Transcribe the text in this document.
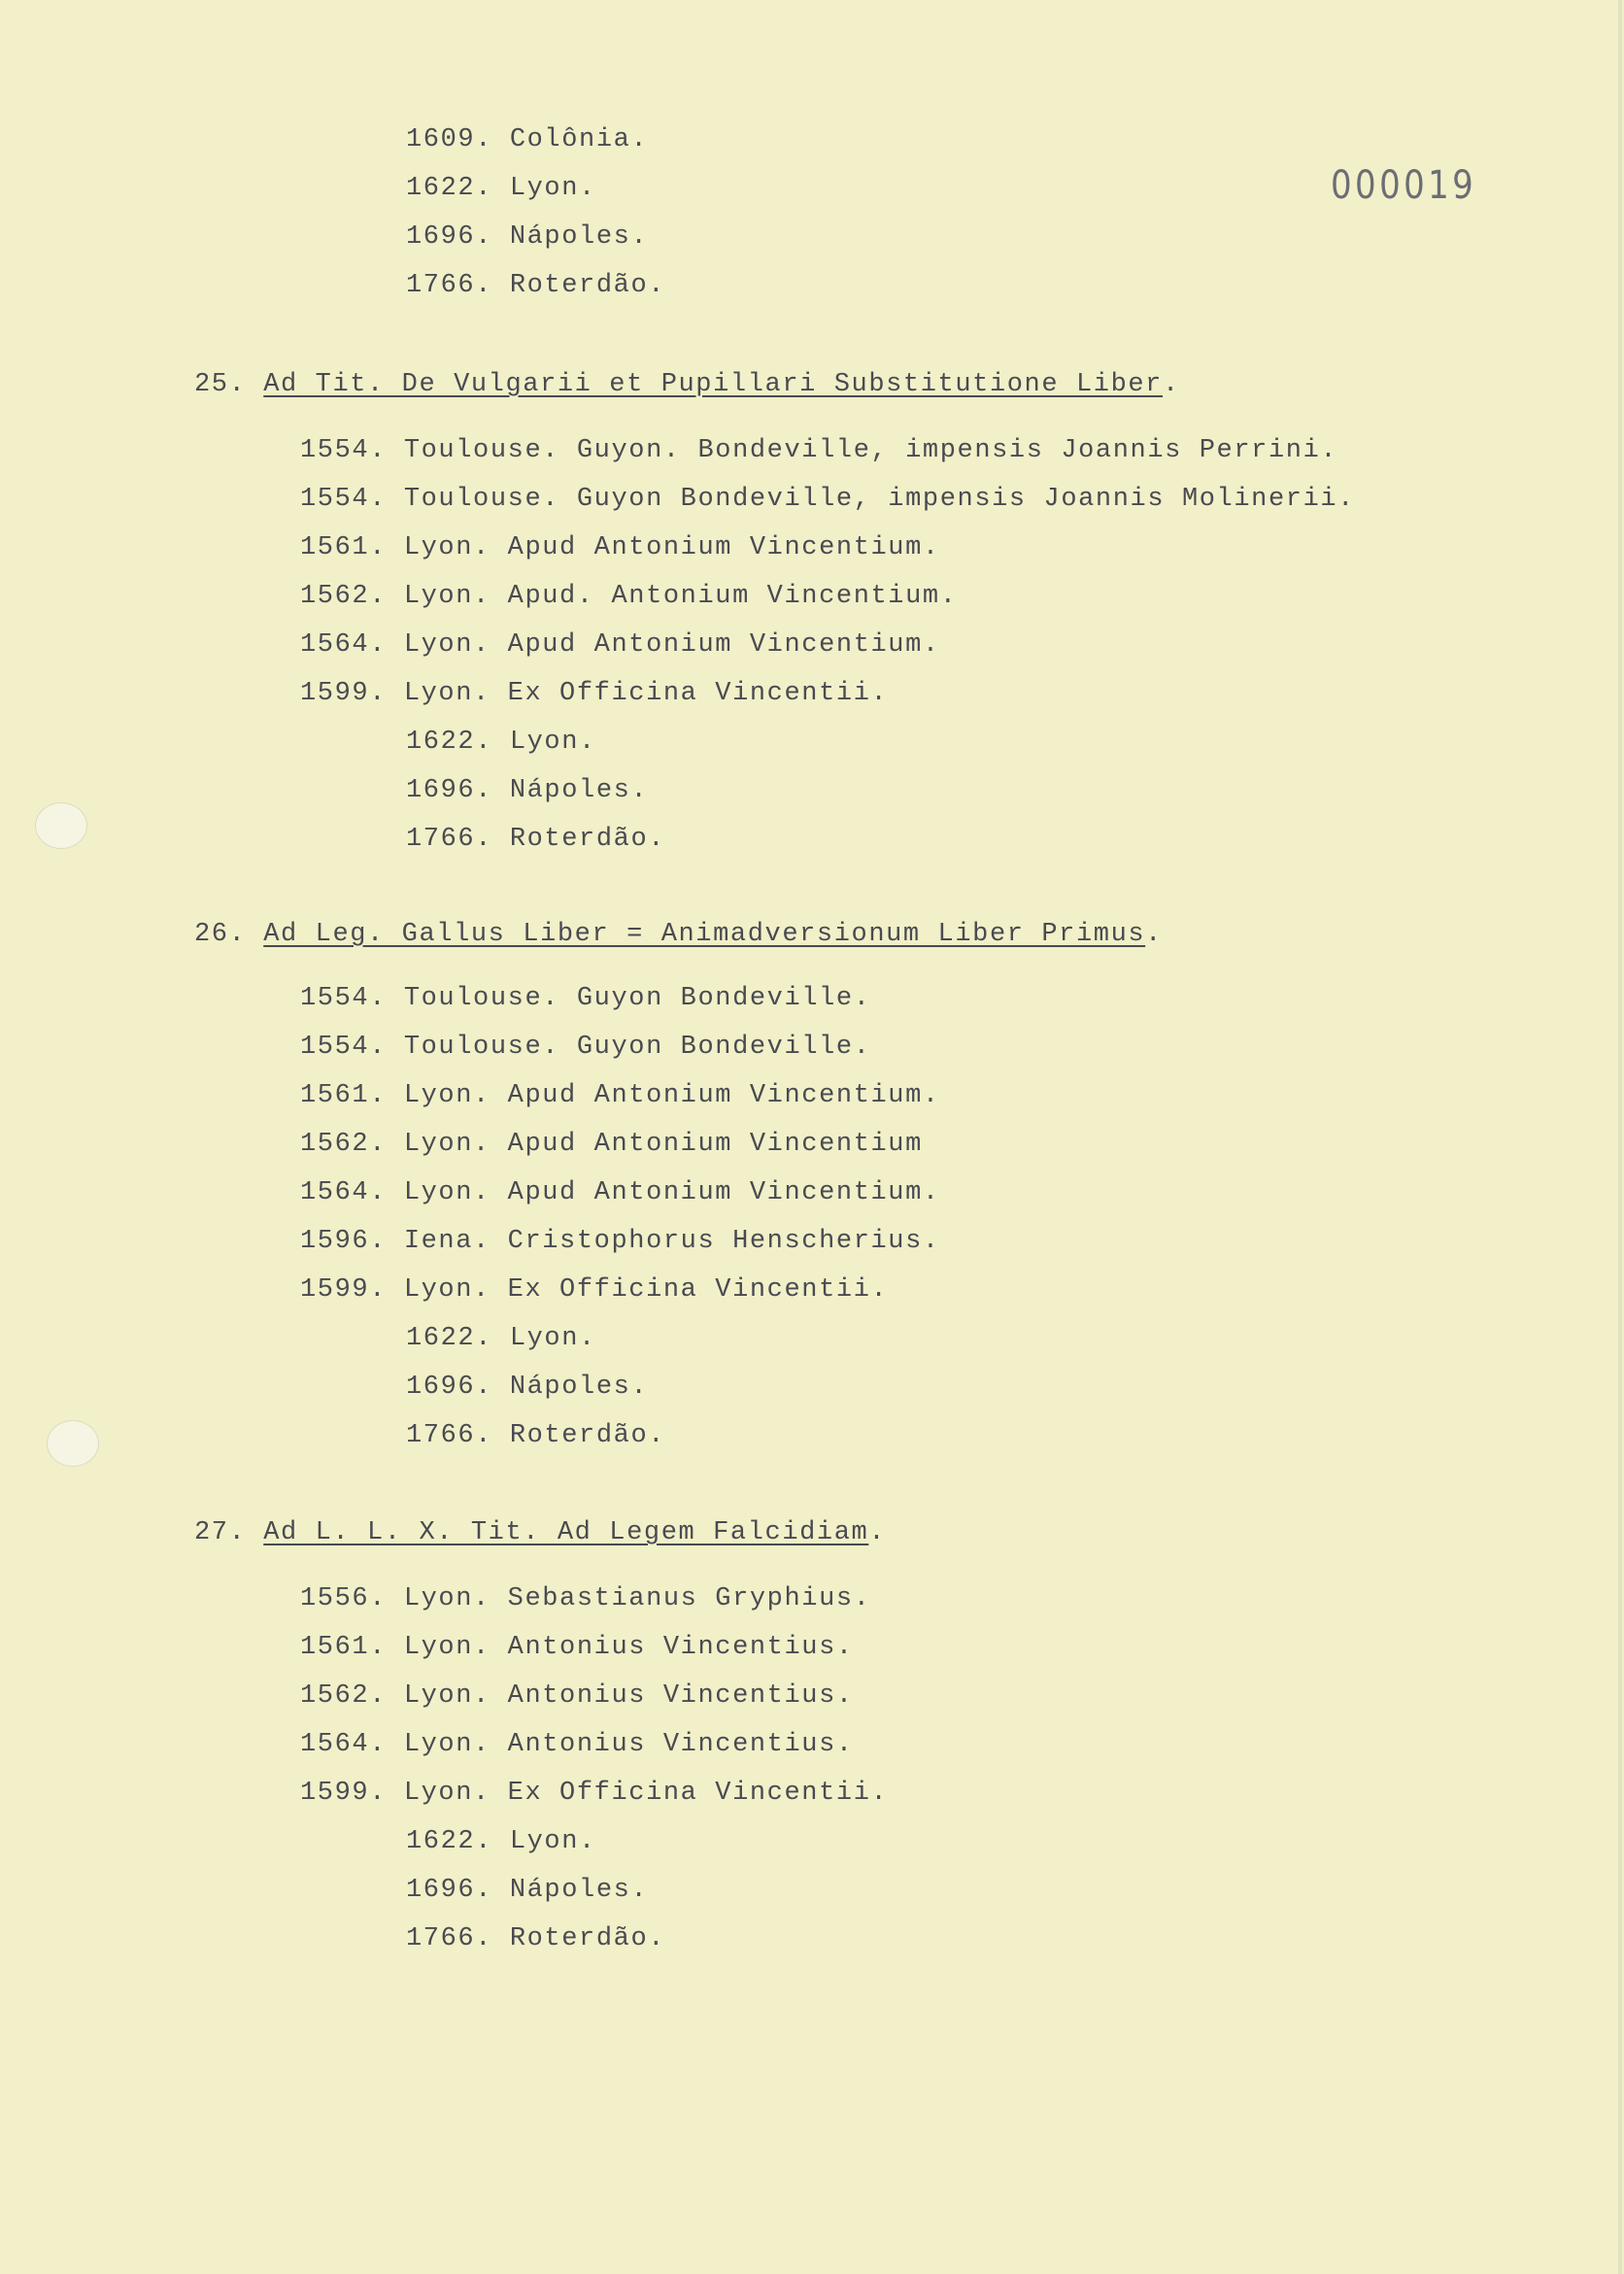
000019
1609. Colônia.
1622. Lyon.
1696. Nápoles.
1766. Roterdão.
25. Ad Tit. De Vulgarii et Pupillari Substitutione Liber.
1554. Toulouse. Guyon. Bondeville, impensis Joannis Perrini.
1554. Toulouse. Guyon Bondeville, impensis Joannis Molinerii.
1561. Lyon. Apud Antonium Vincentium.
1562. Lyon. Apud. Antonium Vincentium.
1564. Lyon. Apud Antonium Vincentium.
1599. Lyon. Ex Officina Vincentii.
1622. Lyon.
1696. Nápoles.
1766. Roterdão.
26. Ad Leg. Gallus Liber = Animadversionum Liber Primus.
1554. Toulouse. Guyon Bondeville.
1554. Toulouse. Guyon Bondeville.
1561. Lyon. Apud Antonium Vincentium.
1562. Lyon. Apud Antonium Vincentium
1564. Lyon. Apud Antonium Vincentium.
1596. Iena. Cristophorus Henscherius.
1599. Lyon. Ex Officina Vincentii.
1622. Lyon.
1696. Nápoles.
1766. Roterdão.
27. Ad L. L. X. Tit. Ad Legem Falcidiam.
1556. Lyon. Sebastianus Gryphius.
1561. Lyon. Antonius Vincentius.
1562. Lyon. Antonius Vincentius.
1564. Lyon. Antonius Vincentius.
1599. Lyon. Ex Officina Vincentii.
1622. Lyon.
1696. Nápoles.
1766. Roterdão.
